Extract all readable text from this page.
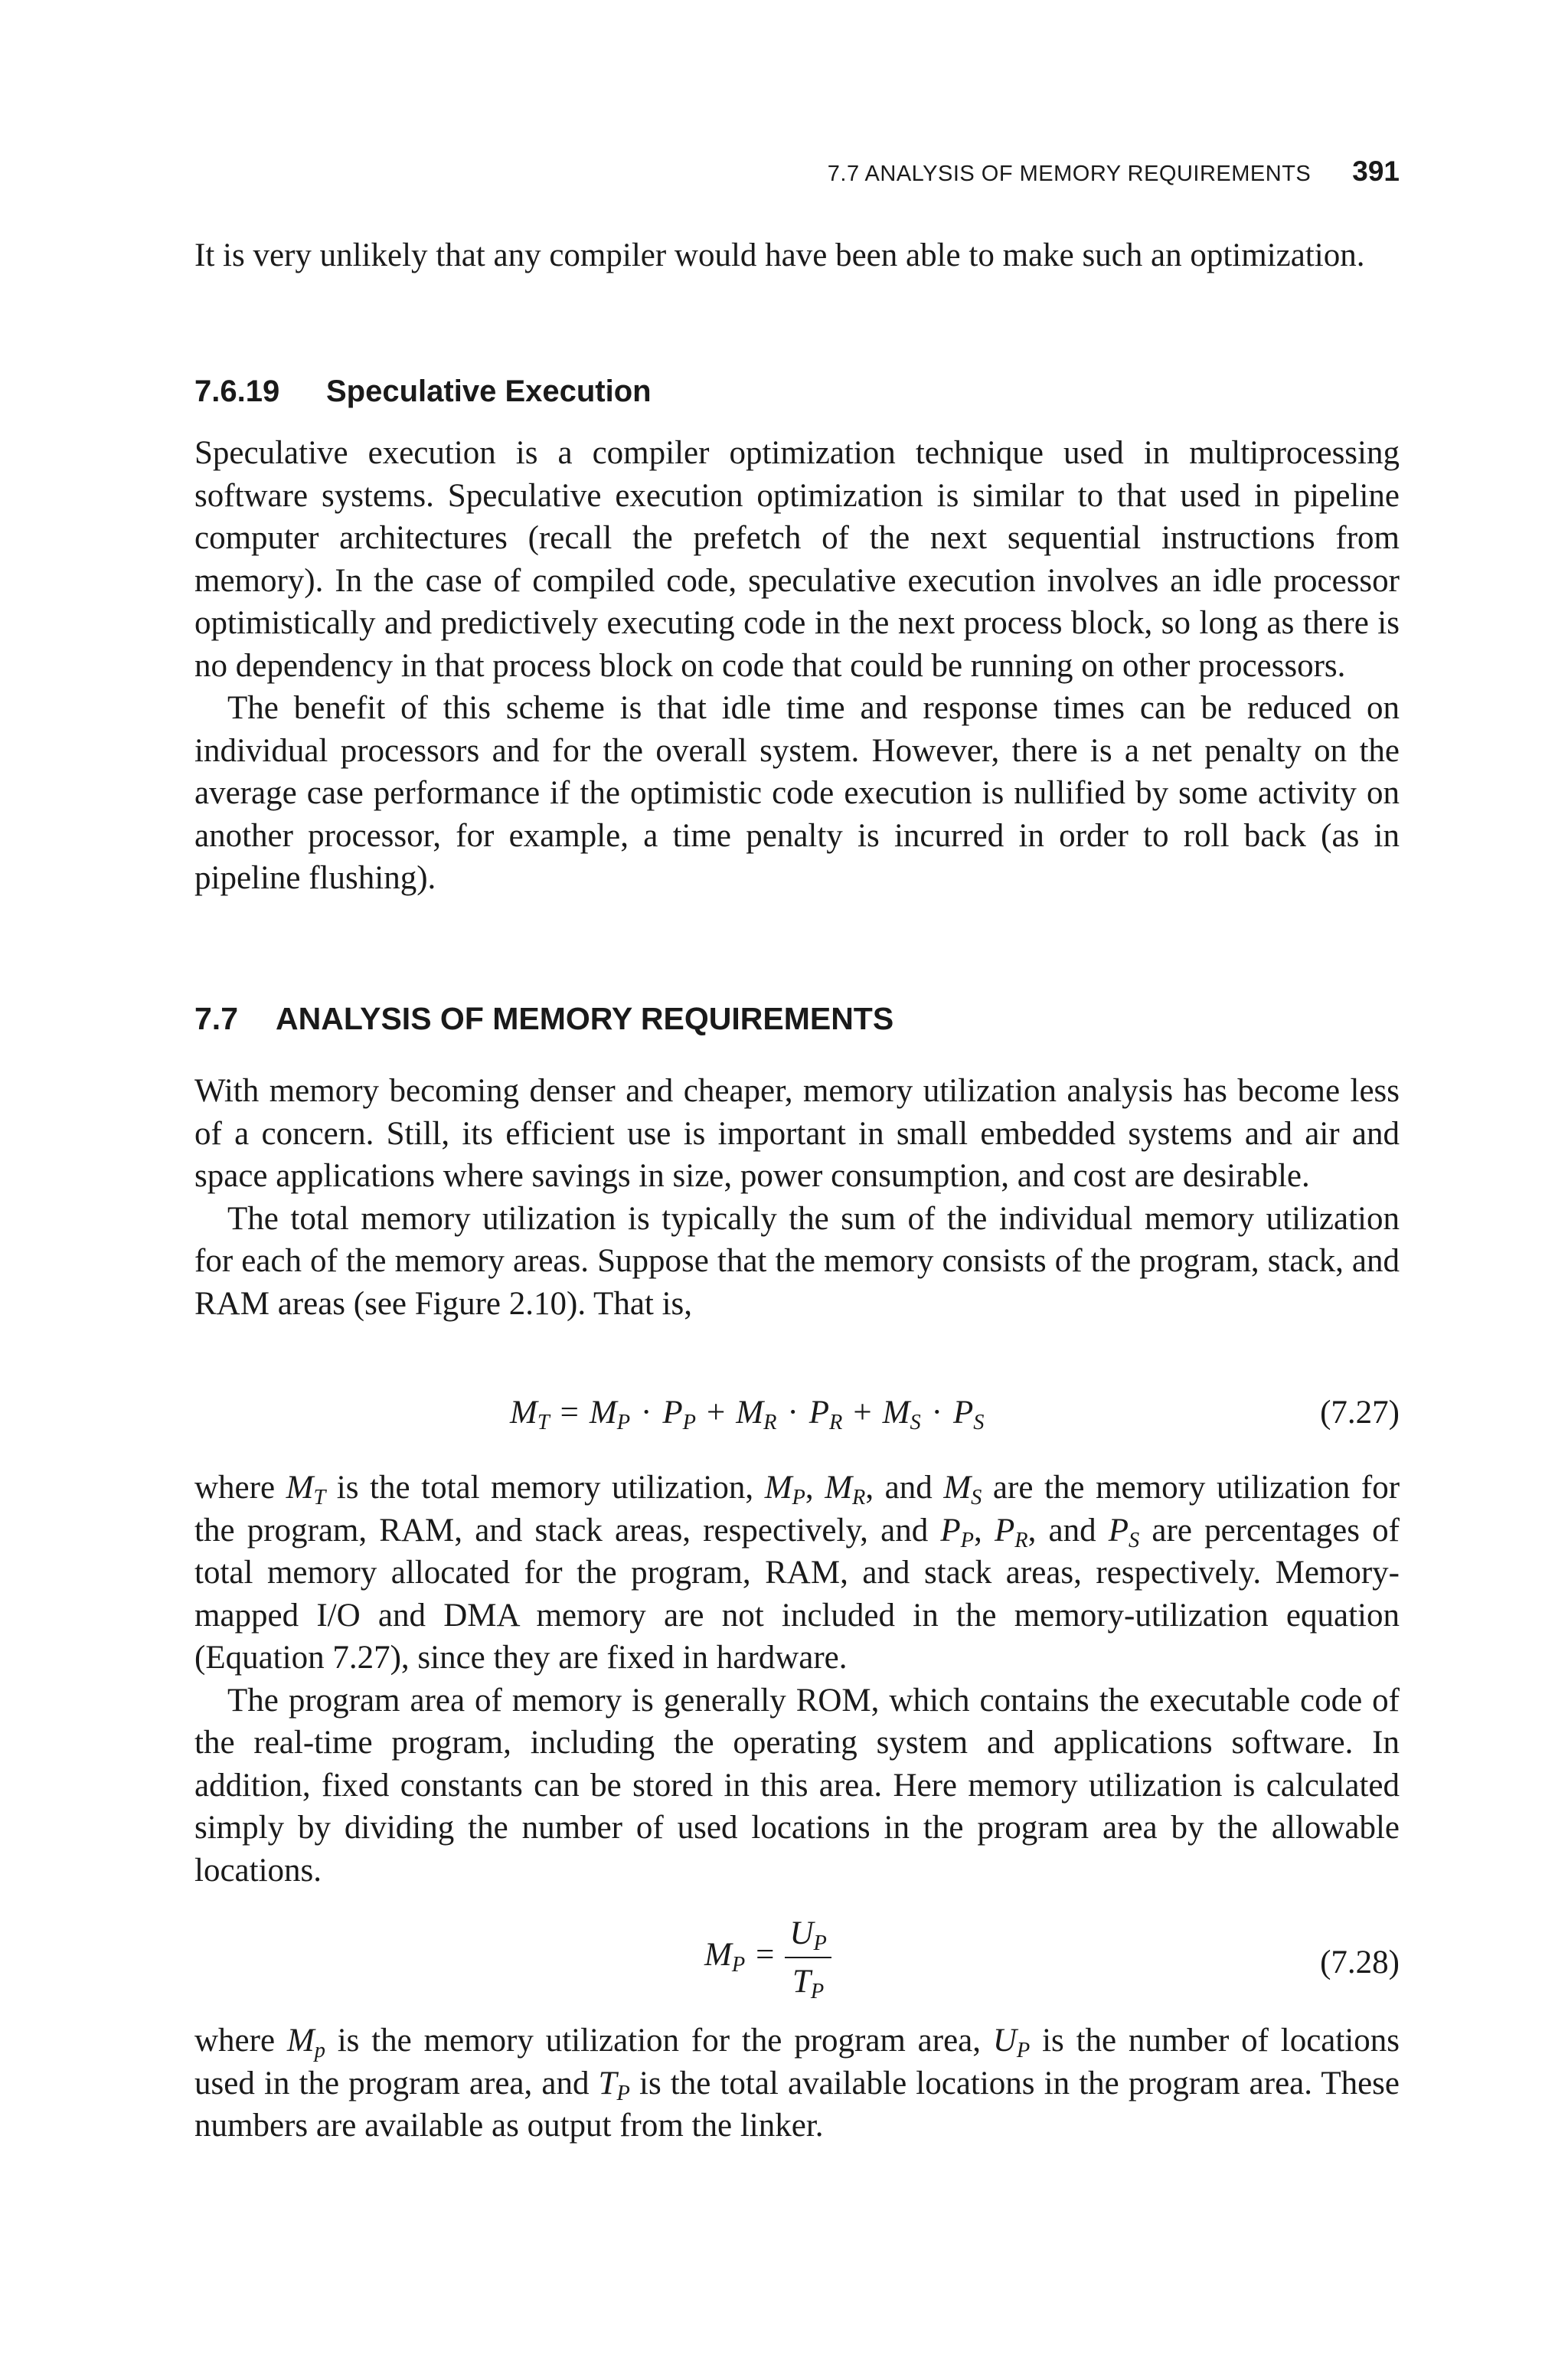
7.7 ANALYSIS OF MEMORY REQUIREMENTS 391

It is very unlikely that any compiler would have been able to make such an optimization.

7.6.19 Speculative Execution

Speculative execution is a compiler optimization technique used in multiprocessing software systems. Speculative execution optimization is similar to that used in pipeline computer architectures (recall the prefetch of the next sequential instructions from memory). In the case of compiled code, speculative execution involves an idle processor optimistically and predictively executing code in the next process block, so long as there is no dependency in that process block on code that could be running on other processors.

The benefit of this scheme is that idle time and response times can be reduced on individual processors and for the overall system. However, there is a net penalty on the average case performance if the optimistic code execution is nullified by some activity on another processor, for example, a time penalty is incurred in order to roll back (as in pipeline flushing).

7.7 ANALYSIS OF MEMORY REQUIREMENTS

With memory becoming denser and cheaper, memory utilization analysis has become less of a concern. Still, its efficient use is important in small embedded systems and air and space applications where savings in size, power consumption, and cost are desirable.

The total memory utilization is typically the sum of the individual memory utilization for each of the memory areas. Suppose that the memory consists of the program, stack, and RAM areas (see Figure 2.10). That is,

$M_T = M_P \cdot P_P + M_R \cdot P_R + M_S \cdot P_S$	(7.27)

where $M_T$ is the total memory utilization, $M_P$, $M_R$, and $M_S$ are the memory utilization for the program, RAM, and stack areas, respectively, and $P_P$, $P_R$, and $P_S$ are percentages of total memory allocated for the program, RAM, and stack areas, respectively. Memory-mapped I/O and DMA memory are not included in the memory-utilization equation (Equation 7.27), since they are fixed in hardware.

The program area of memory is generally ROM, which contains the executable code of the real-time program, including the operating system and applications software. In addition, fixed constants can be stored in this area. Here memory utilization is calculated simply by dividing the number of used locations in the program area by the allowable locations.

$M_P = \frac{U_P}{T_P}$	(7.28)

where $M_p$ is the memory utilization for the program area, $U_P$ is the number of locations used in the program area, and $T_P$ is the total available locations in the program area. These numbers are available as output from the linker.
